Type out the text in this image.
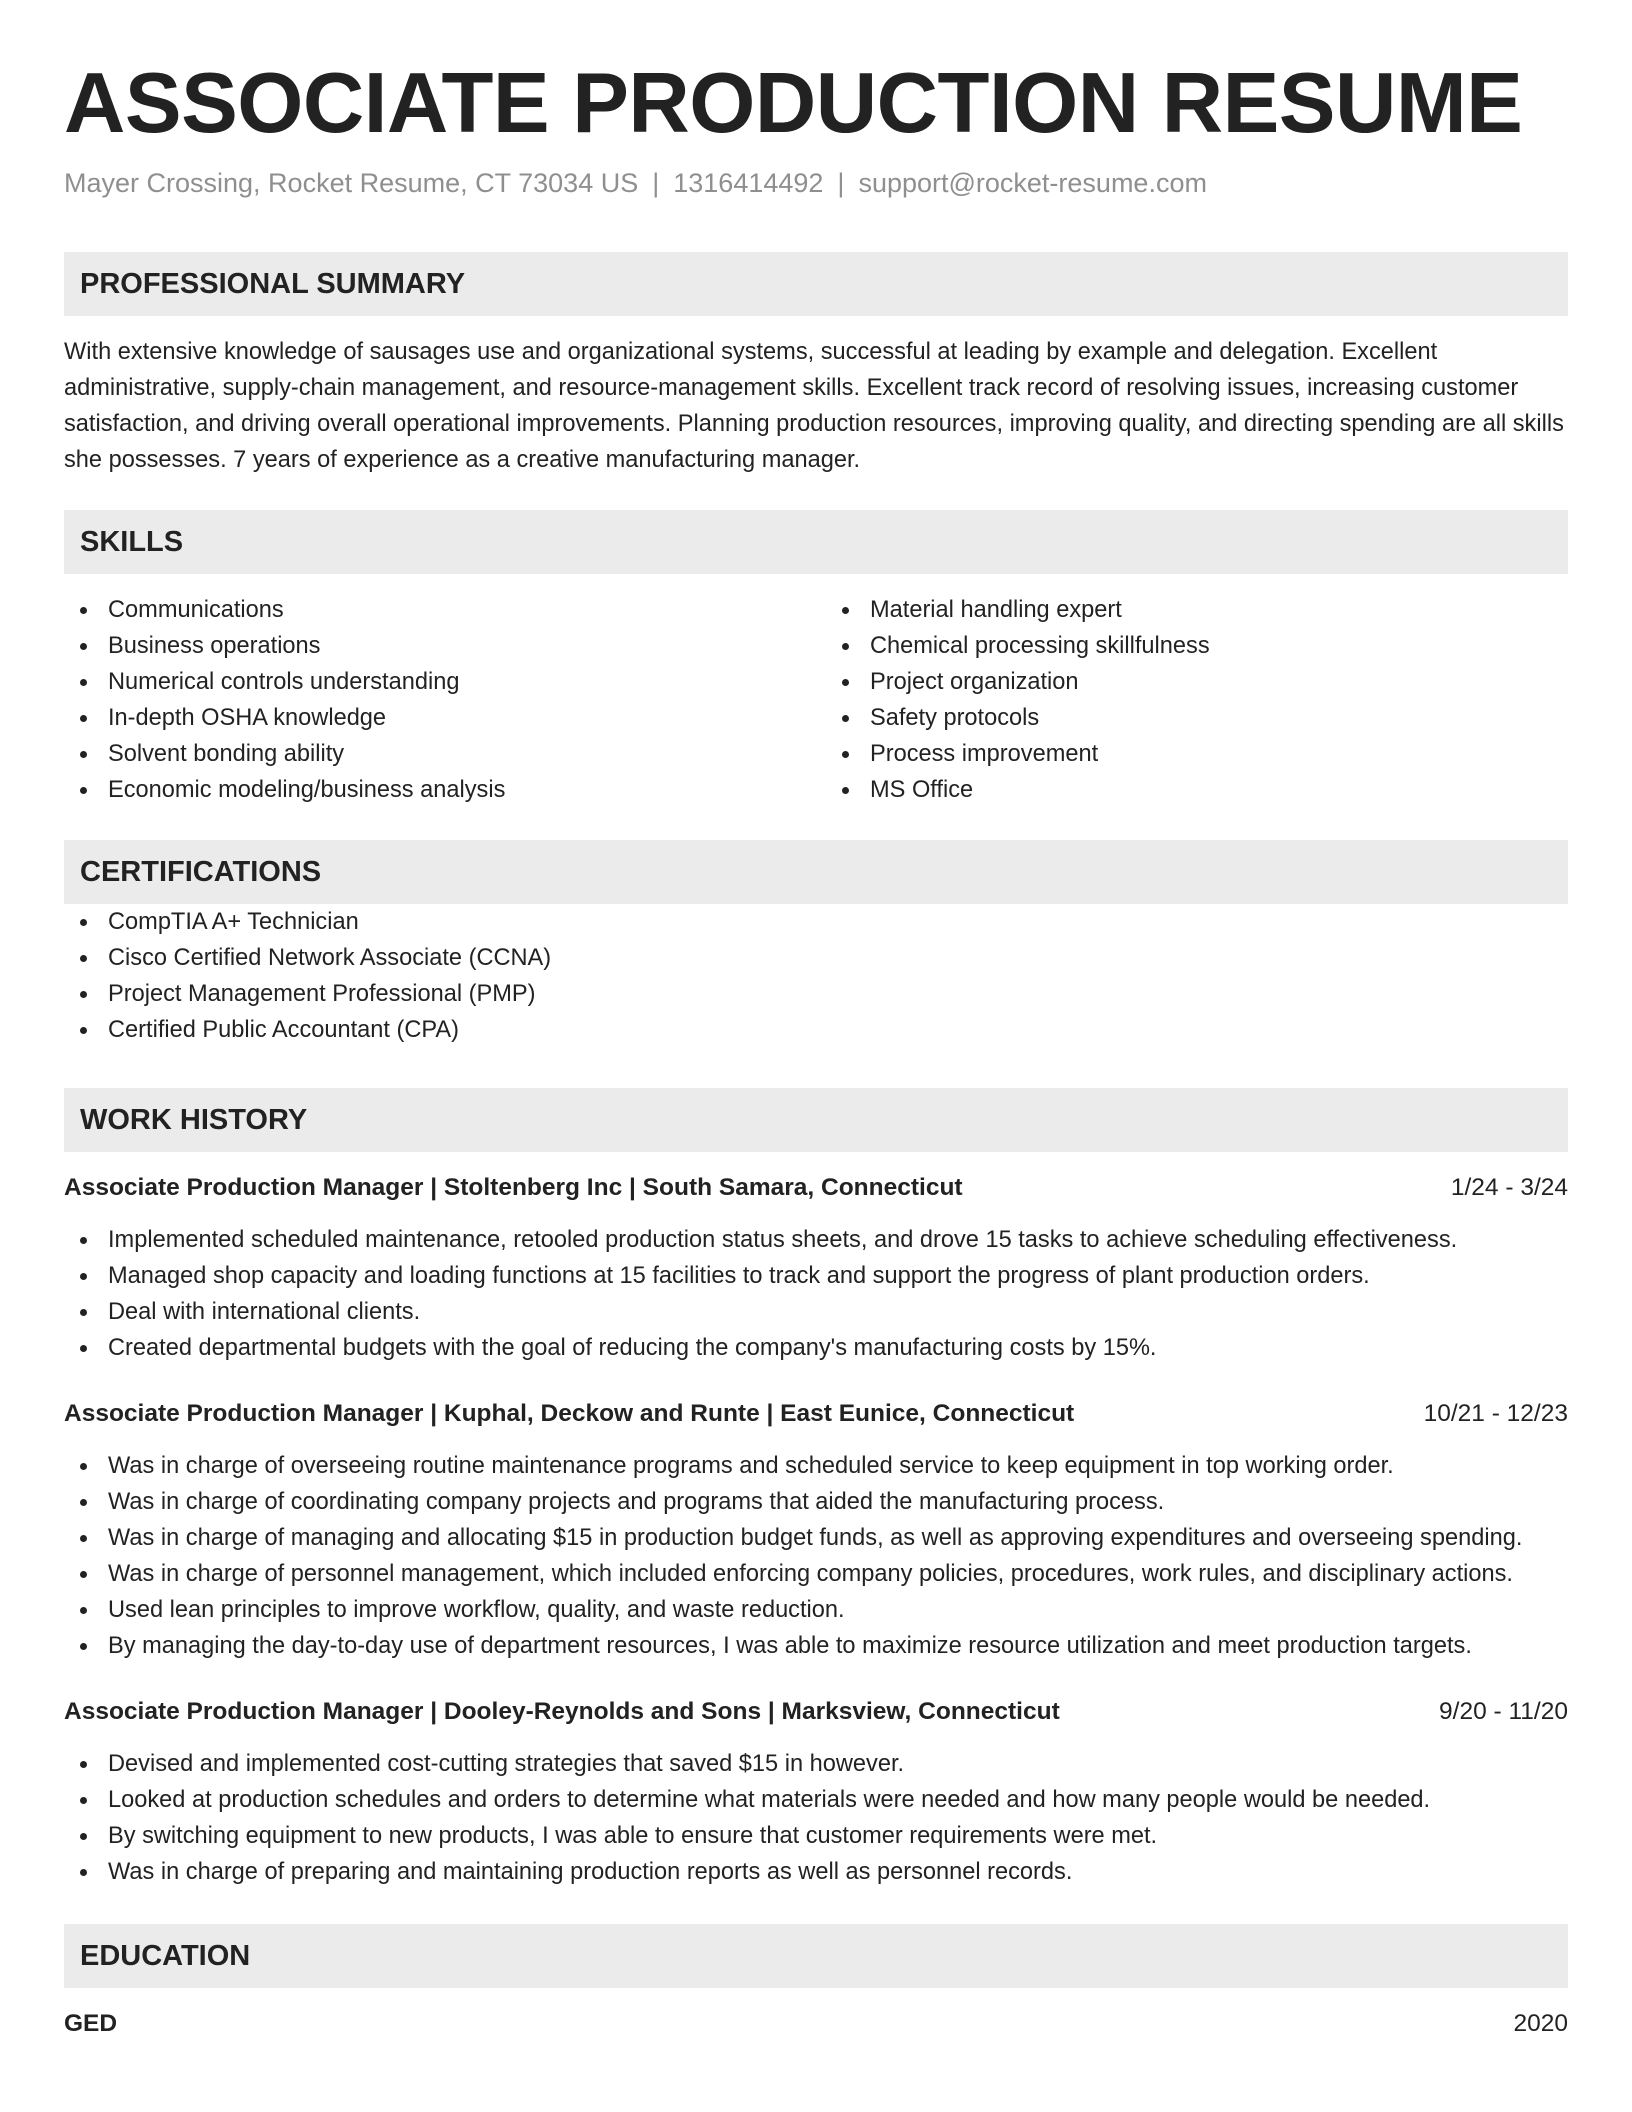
ASSOCIATE PRODUCTION RESUME
Mayer Crossing, Rocket Resume, CT 73034 US | 1316414492 | support@rocket-resume.com
PROFESSIONAL SUMMARY

With extensive knowledge of sausages use and organizational systems, successful at leading by example and delegation. Excellent administrative, supply-chain management, and resource-management skills. Excellent track record of resolving issues, increasing customer satisfaction, and driving overall operational improvements. Planning production resources, improving quality, and directing spending are all skills she possesses. 7 years of experience as a creative manufacturing manager.

SKILLS
Communications
Business operations
Numerical controls understanding
In-depth OSHA knowledge
Solvent bonding ability
Economic modeling/business analysis
Material handling expert
Chemical processing skillfulness
Project organization
Safety protocols
Process improvement
MS Office
CERTIFICATIONS
CompTIA A+ Technician
Cisco Certified Network Associate (CCNA)
Project Management Professional (PMP)
Certified Public Accountant (CPA)
WORK HISTORY
Associate Production Manager | Stoltenberg Inc | South Samara, Connecticut	1/24 - 3/24
Implemented scheduled maintenance, retooled production status sheets, and drove 15 tasks to achieve scheduling effectiveness.
Managed shop capacity and loading functions at 15 facilities to track and support the progress of plant production orders.
Deal with international clients.
Created departmental budgets with the goal of reducing the company's manufacturing costs by 15%.
Associate Production Manager | Kuphal, Deckow and Runte | East Eunice, Connecticut	10/21 - 12/23
Was in charge of overseeing routine maintenance programs and scheduled service to keep equipment in top working order.
Was in charge of coordinating company projects and programs that aided the manufacturing process.
Was in charge of managing and allocating $15 in production budget funds, as well as approving expenditures and overseeing spending.
Was in charge of personnel management, which included enforcing company policies, procedures, work rules, and disciplinary actions.
Used lean principles to improve workflow, quality, and waste reduction.
By managing the day-to-day use of department resources, I was able to maximize resource utilization and meet production targets.
Associate Production Manager | Dooley-Reynolds and Sons | Marksview, Connecticut	9/20 - 11/20
Devised and implemented cost-cutting strategies that saved $15 in however.
Looked at production schedules and orders to determine what materials were needed and how many people would be needed.
By switching equipment to new products, I was able to ensure that customer requirements were met.
Was in charge of preparing and maintaining production reports as well as personnel records.
EDUCATION
GED	2020
